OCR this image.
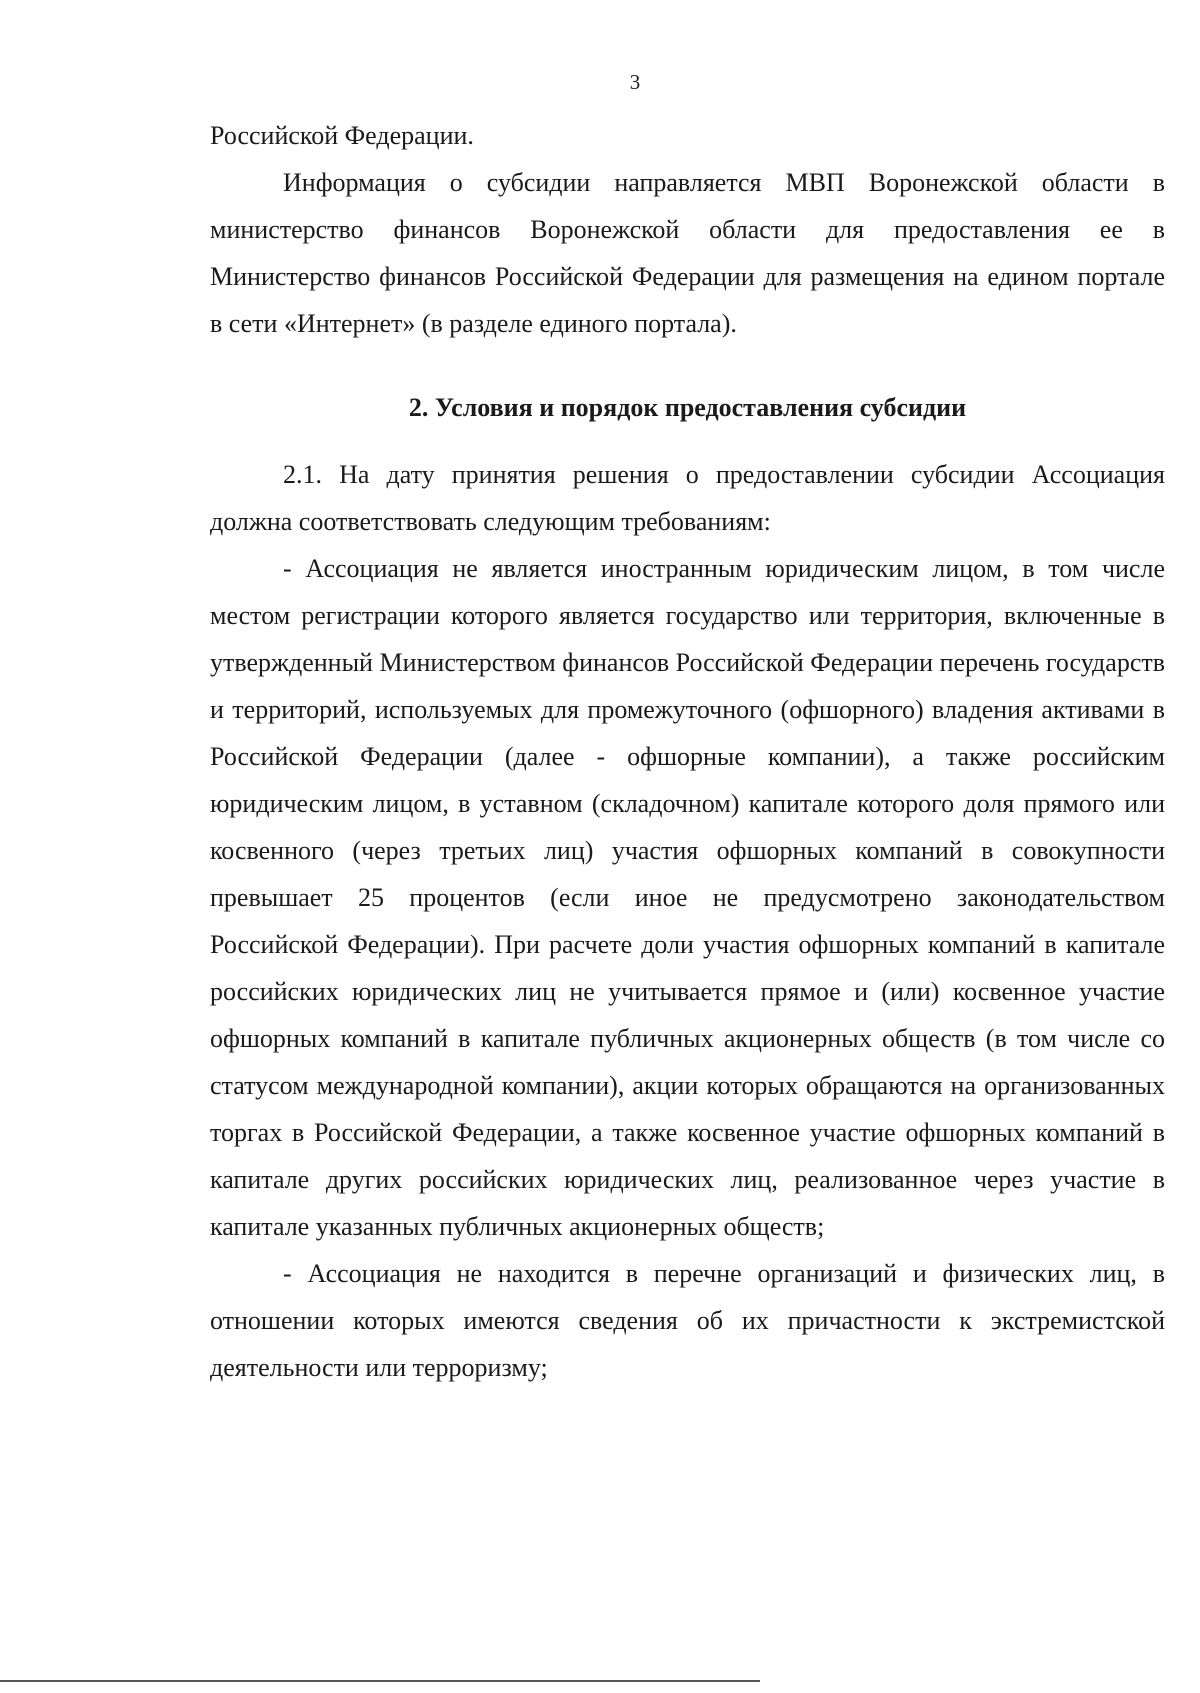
3

Российской Федерации.

Информация о субсидии направляется МВП Воронежской области в министерство финансов Воронежской области для предоставления ее в Министерство финансов Российской Федерации для размещения на едином портале в сети «Интернет» (в разделе единого портала).

2. Условия и порядок предоставления субсидии

2.1. На дату принятия решения о предоставлении субсидии Ассоциация должна соответствовать следующим требованиям:

- Ассоциация не является иностранным юридическим лицом, в том числе местом регистрации которого является государство или территория, включенные в утвержденный Министерством финансов Российской Федерации перечень государств и территорий, используемых для промежуточного (офшорного) владения активами в Российской Федерации (далее - офшорные компании), а также российским юридическим лицом, в уставном (складочном) капитале которого доля прямого или косвенного (через третьих лиц) участия офшорных компаний в совокупности превышает 25 процентов (если иное не предусмотрено законодательством Российской Федерации). При расчете доли участия офшорных компаний в капитале российских юридических лиц не учитывается прямое и (или) косвенное участие офшорных компаний в капитале публичных акционерных обществ (в том числе со статусом международной компании), акции которых обращаются на организованных торгах в Российской Федерации, а также косвенное участие офшорных компаний в капитале других российских юридических лиц, реализованное через участие в капитале указанных публичных акционерных обществ;

- Ассоциация не находится в перечне организаций и физических лиц, в отношении которых имеются сведения об их причастности к экстремистской деятельности или терроризму;
